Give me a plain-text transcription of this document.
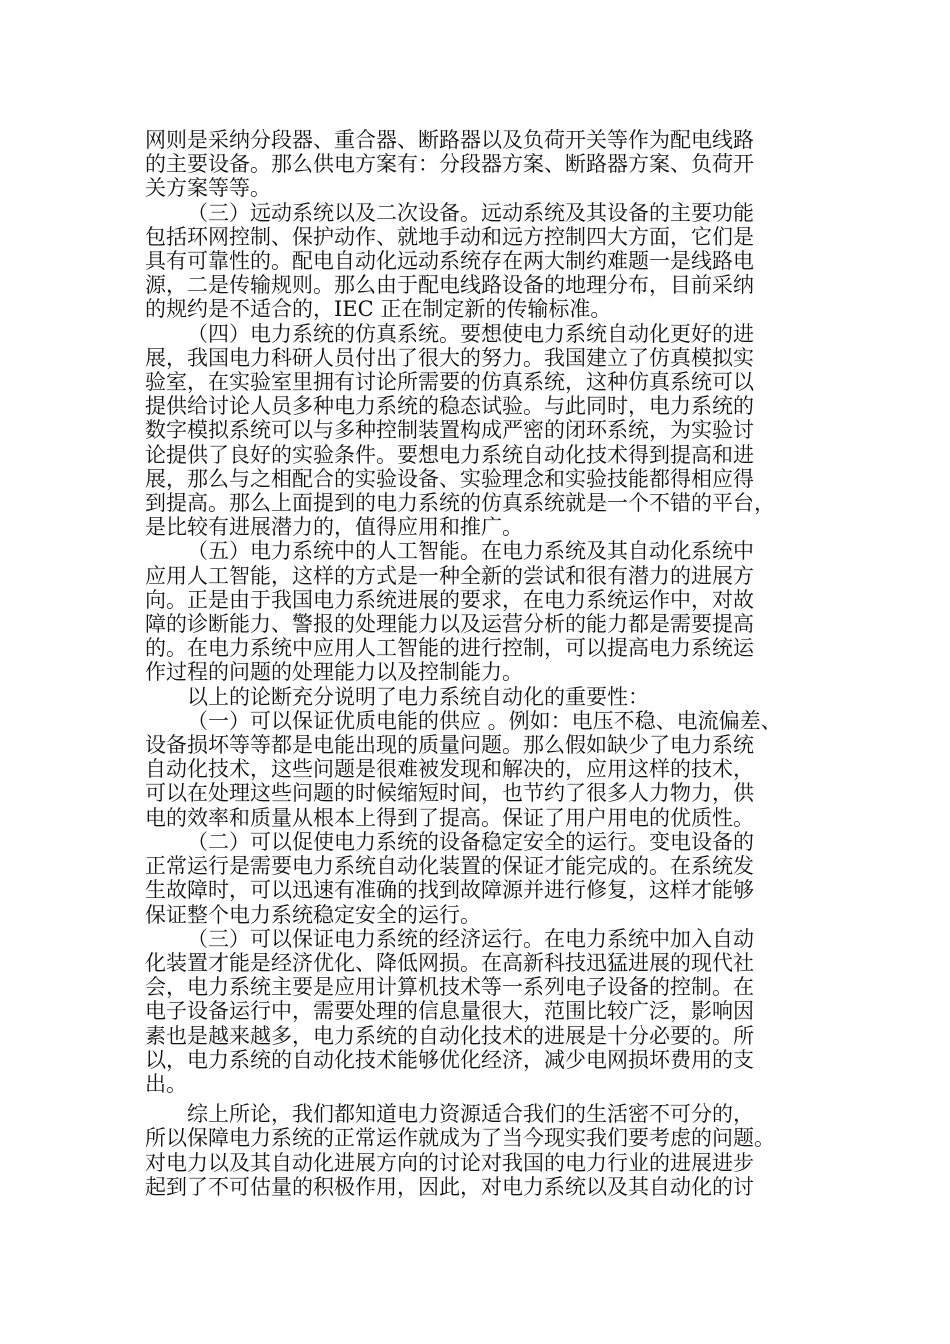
网则是采纳分段器、重合器、断路器以及负荷开关等作为配电线路
的主要设备。那么供电方案有：分段器方案、断路器方案、负荷开
关方案等等。

（三）远动系统以及二次设备。远动系统及其设备的主要功能
包括环网控制、保护动作、就地手动和远方控制四大方面，它们是
具有可靠性的。配电自动化远动系统存在两大制约难题一是线路电
源，二是传输规则。那么由于配电线路设备的地理分布，目前采纳
的规约是不适合的，IEC 正在制定新的传输标准。

（四）电力系统的仿真系统。要想使电力系统自动化更好的进
展，我国电力科研人员付出了很大的努力。我国建立了仿真模拟实
验室，在实验室里拥有讨论所需要的仿真系统，这种仿真系统可以
提供给讨论人员多种电力系统的稳态试验。与此同时，电力系统的
数字模拟系统可以与多种控制装置构成严密的闭环系统，为实验讨
论提供了良好的实验条件。要想电力系统自动化技术得到提高和进
展，那么与之相配合的实验设备、实验理念和实验技能都得相应得
到提高。那么上面提到的电力系统的仿真系统就是一个不错的平台，
是比较有进展潜力的，值得应用和推广。

（五）电力系统中的人工智能。在电力系统及其自动化系统中
应用人工智能，这样的方式是一种全新的尝试和很有潜力的进展方
向。正是由于我国电力系统进展的要求，在电力系统运作中，对故
障的诊断能力、警报的处理能力以及运营分析的能力都是需要提高
的。在电力系统中应用人工智能的进行控制，可以提高电力系统运
作过程的问题的处理能力以及控制能力。

以上的论断充分说明了电力系统自动化的重要性：

（一）可以保证优质电能的供应 。例如：电压不稳、电流偏差、
设备损坏等等都是电能出现的质量问题。那么假如缺少了电力系统
自动化技术，这些问题是很难被发现和解决的，应用这样的技术，
可以在处理这些问题的时候缩短时间，也节约了很多人力物力，供
电的效率和质量从根本上得到了提高。保证了用户用电的优质性。

（二）可以促使电力系统的设备稳定安全的运行。变电设备的
正常运行是需要电力系统自动化装置的保证才能完成的。在系统发
生故障时，可以迅速有准确的找到故障源并进行修复，这样才能够
保证整个电力系统稳定安全的运行。

（三）可以保证电力系统的经济运行。在电力系统中加入自动
化装置才能是经济优化、降低网损。在高新科技迅猛进展的现代社
会，电力系统主要是应用计算机技术等一系列电子设备的控制。在
电子设备运行中，需要处理的信息量很大，范围比较广泛，影响因
素也是越来越多，电力系统的自动化技术的进展是十分必要的。所
以，电力系统的自动化技术能够优化经济，减少电网损坏费用的支
出。

综上所论，我们都知道电力资源适合我们的生活密不可分的，
所以保障电力系统的正常运作就成为了当今现实我们要考虑的问题。
对电力以及其自动化进展方向的讨论对我国的电力行业的进展进步
起到了不可估量的积极作用，因此，对电力系统以及其自动化的讨
